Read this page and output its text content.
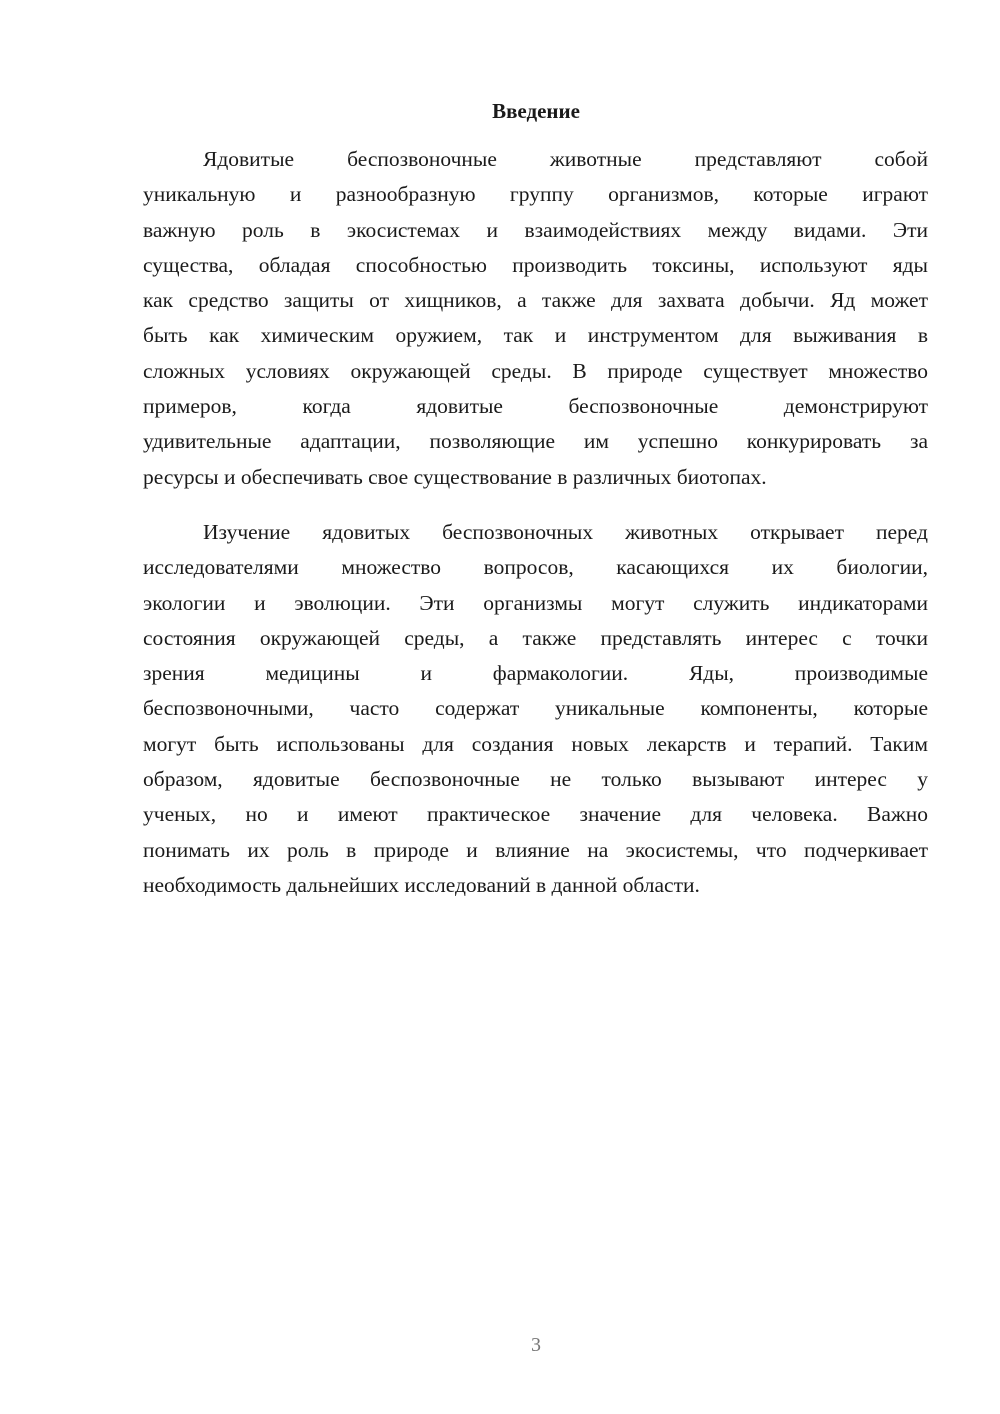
Введение
Ядовитые беспозвоночные животные представляют собой
уникальную и разнообразную группу организмов, которые играют
важную роль в экосистемах и взаимодействиях между видами. Эти
существа, обладая способностью производить токсины, используют яды
как средство защиты от хищников, а также для захвата добычи. Яд может
быть как химическим оружием, так и инструментом для выживания в
сложных условиях окружающей среды. В природе существует множество
примеров, когда ядовитые беспозвоночные демонстрируют
удивительные адаптации, позволяющие им успешно конкурировать за
ресурсы и обеспечивать свое существование в различных биотопах.
Изучение ядовитых беспозвоночных животных открывает перед
исследователями множество вопросов, касающихся их биологии,
экологии и эволюции. Эти организмы могут служить индикаторами
состояния окружающей среды, а также представлять интерес с точки
зрения медицины и фармакологии. Яды, производимые
беспозвоночными, часто содержат уникальные компоненты, которые
могут быть использованы для создания новых лекарств и терапий. Таким
образом, ядовитые беспозвоночные не только вызывают интерес у
ученых, но и имеют практическое значение для человека. Важно
понимать их роль в природе и влияние на экосистемы, что подчеркивает
необходимость дальнейших исследований в данной области.
3
